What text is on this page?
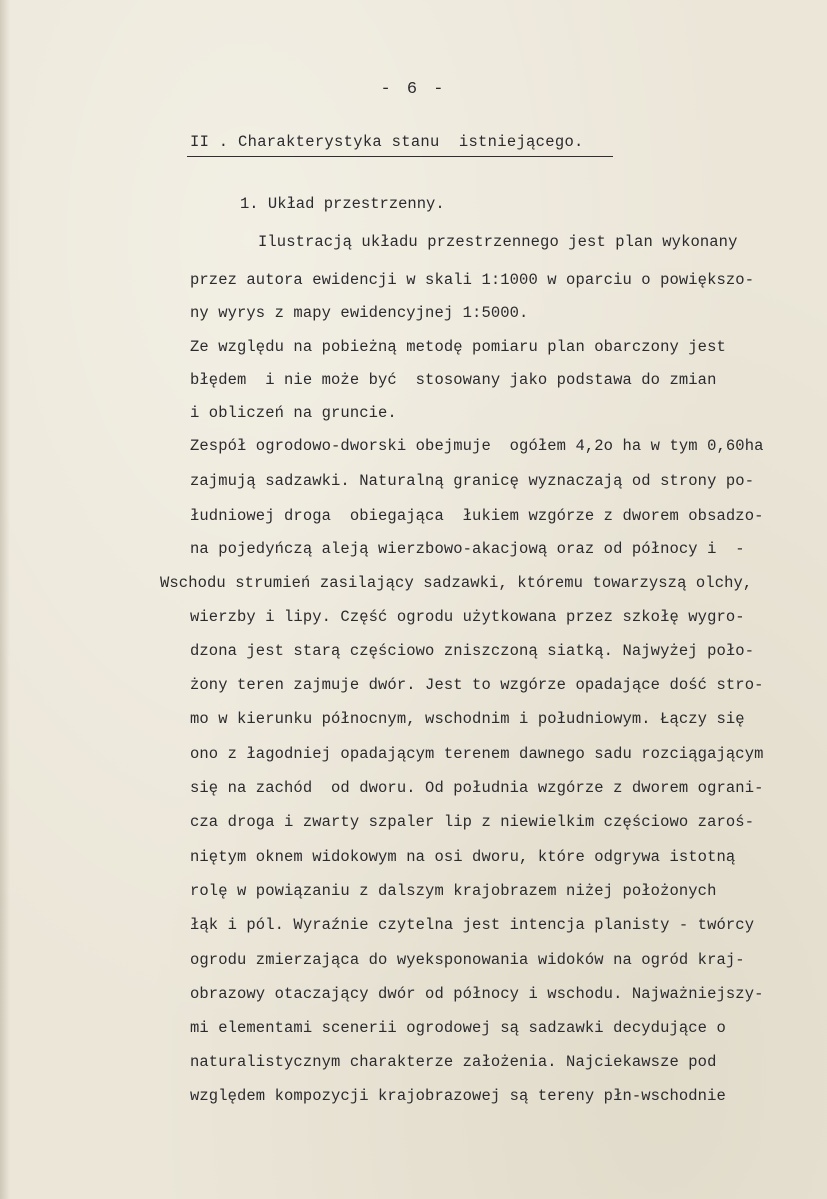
- 6 -
II . Charakterystyka stanu  istniejącego.
1. Układ przestrzenny.
Ilustracją układu przestrzennego jest plan wykonany
przez autora ewidencji w skali 1:1000 w oparciu o powiększo-
ny wyrys z mapy ewidencyjnej 1:5000.
Ze względu na pobieżną metodę pomiaru plan obarczony jest
błędem  i nie może być  stosowany jako podstawa do zmian
i obliczeń na gruncie.
Zespół ogrodowo-dworski obejmuje  ogółem 4,2o ha w tym 0,60ha
zajmują sadzawki. Naturalną granicę wyznaczają od strony po-
łudniowej droga  obiegająca  łukiem wzgórze z dworem obsadzo-
na pojedyńczą aleją wierzbowo-akacjową oraz od północy i  -
Wschodu strumień zasilający sadzawki, któremu towarzyszą olchy,
wierzby i lipy. Część ogrodu użytkowana przez szkołę wygro-
dzona jest starą częściowo zniszczoną siatką. Najwyżej poło-
żony teren zajmuje dwór. Jest to wzgórze opadające dość stro-
mo w kierunku północnym, wschodnim i południowym. Łączy się
ono z łagodniej opadającym terenem dawnego sadu rozciągającym
się na zachód  od dworu. Od południa wzgórze z dworem ograni-
cza droga i zwarty szpaler lip z niewielkim częściowo zaroś-
niętym oknem widokowym na osi dworu, które odgrywa istotną
rolę w powiązaniu z dalszym krajobrazem niżej położonych
łąk i pól. Wyraźnie czytelna jest intencja planisty - twórcy
ogrodu zmierzająca do wyeksponowania widoków na ogród kraj-
obrazowy otaczający dwór od północy i wschodu. Najważniejszy-
mi elementami scenerii ogrodowej są sadzawki decydujące o
naturalistycznym charakterze założenia. Najciekawsze pod
względem kompozycji krajobrazowej są tereny płn-wschodnie
